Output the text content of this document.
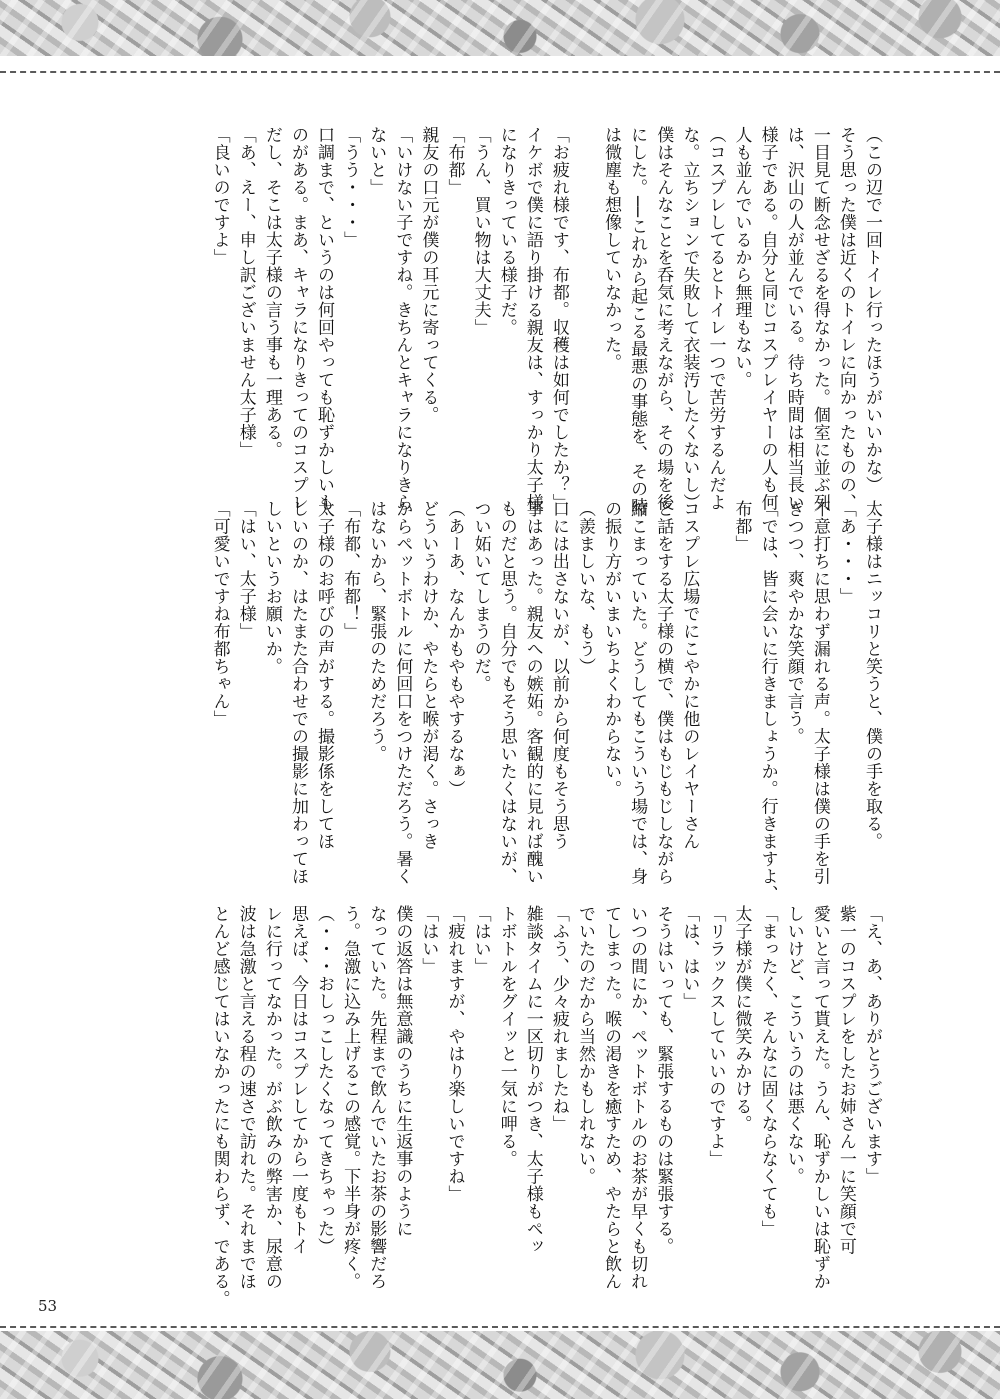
（この辺で一回トイレ行ったほうがいいかな）
そう思った僕は近くのトイレに向かったものの、
一目見て断念せざるを得なかった。個室に並ぶ列
は、沢山の人が並んでいる。待ち時間は相当長い
様子である。自分と同じコスプレイヤーの人も何
人も並んでいるから無理もない。
（コスプレしてるとトイレ一つで苦労するんだよ
な。立ちションで失敗して衣装汚したくないし）
僕はそんなことを呑気に考えながら、その場を後
にした。──これから起こる最悪の事態を、その時
は微塵も想像していなかった。

「お疲れ様です、布都。収穫は如何でしたか？」
イケボで僕に語り掛ける親友は、すっかり太子様
になりきっている様子だ。
「うん、買い物は大丈夫」
「布都」
親友の口元が僕の耳元に寄ってくる。
「いけない子ですね。きちんとキャラになりきら
ないと」
「うう・・・」
口調まで、というのは何回やっても恥ずかしいも
のがある。まあ、キャラになりきってのコスプレ
だし、そこは太子様の言う事も一理ある。
「あ、えー、申し訳ございません太子様」
「良いのですよ」
太子様はニッコリと笑うと、僕の手を取る。
「あ・・・」
不意打ちに思わず漏れる声。太子様は僕の手を引
きつつ、爽やかな笑顔で言う。
「では、皆に会いに行きましょうか。行きますよ、
布都」

コスプレ広場でにこやかに他のレイヤーさん
と話をする太子様の横で、僕はもじもじしながら
縮こまっていた。どうしてもこういう場では、身
の振り方がいまいちよくわからない。
（羨ましいな、もう）
口には出さないが、以前から何度もそう思う
事はあった。親友への嫉妬。客観的に見れば醜い
ものだと思う。自分でもそう思いたくはないが、
つい妬いてしまうのだ。
（あーあ、なんかもやもやするなぁ）
どういうわけか、やたらと喉が渇く。さっき
からペットボトルに何回口をつけただろう。暑く
はないから、緊張のためだろう。
「布都、布都！」
太子様のお呼びの声がする。撮影係をしてほ
しいのか、はたまた合わせでの撮影に加わってほ
しいというお願いか。
「はい、太子様」
「可愛いですね布都ちゃん」
「え、あ、ありがとうございます」
紫一のコスプレをしたお姉さん一に笑顔で可
愛いと言って貰えた。うん、恥ずかしいは恥ずか
しいけど、こういうのは悪くない。
「まったく、そんなに固くならなくても」
太子様が僕に微笑みかける。
「リラックスしていいのですよ」
「は、はい」
そうはいっても、緊張するものは緊張する。
いつの間にか、ペットボトルのお茶が早くも切れ
てしまった。喉の渇きを癒すため、やたらと飲ん
でいたのだから当然かもしれない。
「ふう、少々疲れましたね」
雑談タイムに一区切りがつき、太子様もペッ
トボトルをグイッと一気に呷る。
「はい」
「疲れますが、やはり楽しいですね」
「はい」
僕の返答は無意識のうちに生返事のように
なっていた。先程まで飲んでいたお茶の影響だろ
う。急激に込み上げるこの感覚。下半身が疼く。
（・・・おしっこしたくなってきちゃった）
思えば、今日はコスプレしてから一度もトイ
レに行ってなかった。がぶ飲みの弊害か、尿意の
波は急激と言える程の速さで訪れた。それまでほ
とんど感じてはいなかったにも関わらず、である。
53
